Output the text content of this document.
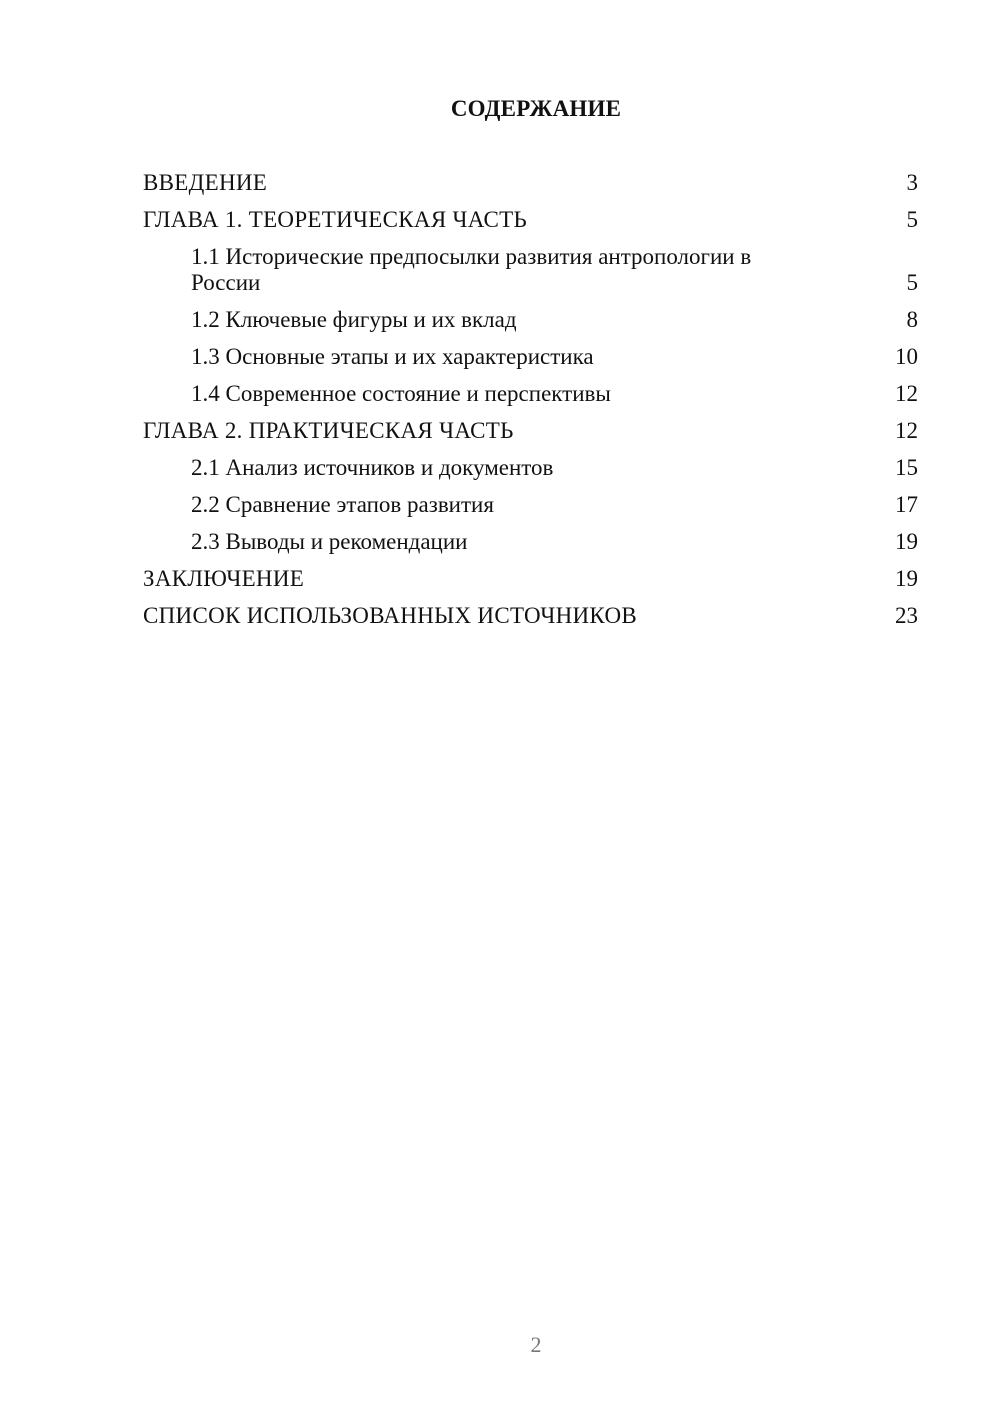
СОДЕРЖАНИЕ
ВВЕДЕНИЕ	3
ГЛАВА 1. ТЕОРЕТИЧЕСКАЯ ЧАСТЬ	5
1.1 Исторические предпосылки развития антропологии в России	5
1.2 Ключевые фигуры и их вклад	8
1.3 Основные этапы и их характеристика	10
1.4 Современное состояние и перспективы	12
ГЛАВА 2. ПРАКТИЧЕСКАЯ ЧАСТЬ	12
2.1 Анализ источников и документов	15
2.2 Сравнение этапов развития	17
2.3 Выводы и рекомендации	19
ЗАКЛЮЧЕНИЕ	19
СПИСОК ИСПОЛЬЗОВАННЫХ ИСТОЧНИКОВ	23
2
